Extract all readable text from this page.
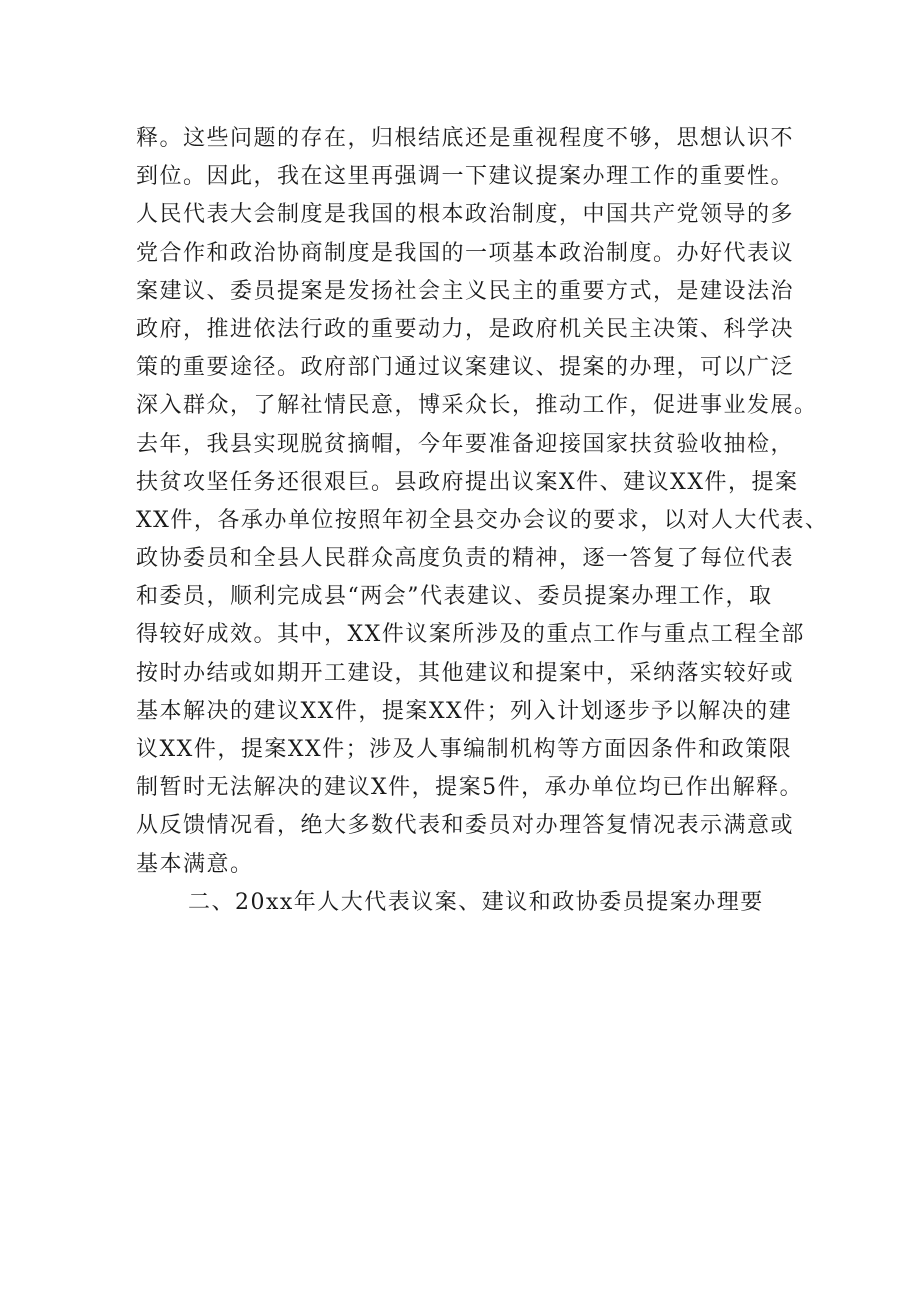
释。这些问题的存在，归根结底还是重视程度不够，思想认识不
到位。因此，我在这里再强调一下建议提案办理工作的重要性。
人民代表大会制度是我国的根本政治制度，中国共产党领导的多
党合作和政治协商制度是我国的一项基本政治制度。办好代表议
案建议、委员提案是发扬社会主义民主的重要方式，是建设法治
政府，推进依法行政的重要动力，是政府机关民主决策、科学决
策的重要途径。政府部门通过议案建议、提案的办理，可以广泛
深入群众，了解社情民意，博采众长，推动工作，促进事业发展。
去年，我县实现脱贫摘帽，今年要准备迎接国家扶贫验收抽检，
扶贫攻坚任务还很艰巨。县政府提出议案X件、建议XX件，提案
XX件，各承办单位按照年初全县交办会议的要求，以对人大代表、
政协委员和全县人民群众高度负责的精神，逐一答复了每位代表
和委员，顺利完成县“两会”代表建议、委员提案办理工作，取
得较好成效。其中，XX件议案所涉及的重点工作与重点工程全部
按时办结或如期开工建设，其他建议和提案中，采纳落实较好或
基本解决的建议XX件，提案XX件；列入计划逐步予以解决的建
议XX件，提案XX件；涉及人事编制机构等方面因条件和政策限
制暂时无法解决的建议X件，提案5件，承办单位均已作出解释。
从反馈情况看，绝大多数代表和委员对办理答复情况表示满意或
基本满意。
二、20xx年人大代表议案、建议和政协委员提案办理要
